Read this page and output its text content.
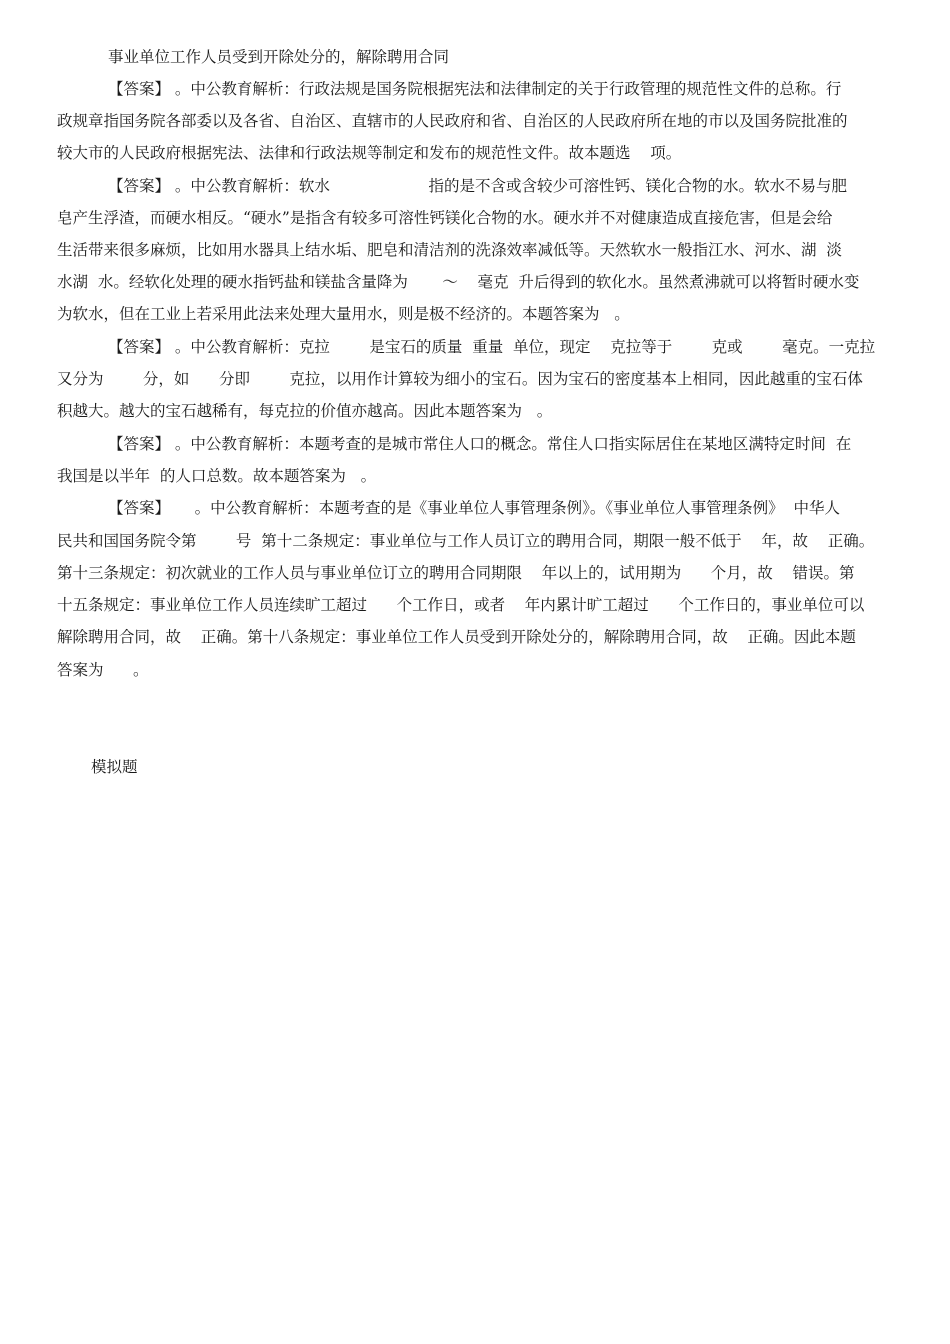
事业单位工作人员受到开除处分的，解除聘用合同
【答案】 。中公教育解析：行政法规是国务院根据宪法和法律制定的关于行政管理的规范性文件的总称。行
政规章指国务院各部委以及各省、自治区、直辖市的人民政府和省、自治区的人民政府所在地的市以及国务院批准的
较大市的人民政府根据宪法、法律和行政法规等制定和发布的规范性文件。故本题选    项。
【答案】 。中公教育解析：软水                    指的是不含或含较少可溶性钙、镁化合物的水。软水不易与肥
皂产生浮渣，而硬水相反。“硬水”是指含有较多可溶性钙镁化合物的水。硬水并不对健康造成直接危害，但是会给
生活带来很多麻烦，比如用水器具上结水垢、肥皂和清洁剂的洗涤效率减低等。天然软水一般指江水、河水、湖  淡
水湖  水。经软化处理的硬水指钙盐和镁盐含量降为       ～    毫克  升后得到的软化水。虽然煮沸就可以将暂时硬水变
为软水，但在工业上若采用此法来处理大量用水，则是极不经济的。本题答案为   。
【答案】 。中公教育解析：克拉        是宝石的质量  重量  单位，现定    克拉等于        克或        毫克。一克拉
又分为        分，如      分即        克拉，以用作计算较为细小的宝石。因为宝石的密度基本上相同，因此越重的宝石体
积越大。越大的宝石越稀有，每克拉的价值亦越高。因此本题答案为   。
【答案】 。中公教育解析：本题考查的是城市常住人口的概念。常住人口指实际居住在某地区满特定时间  在
我国是以半年  的人口总数。故本题答案为   。
【答案】     。中公教育解析：本题考查的是《事业单位人事管理条例》。《事业单位人事管理条例》  中华人
民共和国国务院令第        号  第十二条规定：事业单位与工作人员订立的聘用合同，期限一般不低于    年，故    正确。
第十三条规定：初次就业的工作人员与事业单位订立的聘用合同期限    年以上的，试用期为      个月，故    错误。第
十五条规定：事业单位工作人员连续旷工超过      个工作日，或者    年内累计旷工超过      个工作日的，事业单位可以
解除聘用合同，故    正确。第十八条规定：事业单位工作人员受到开除处分的，解除聘用合同，故    正确。因此本题
答案为      。
模拟题
